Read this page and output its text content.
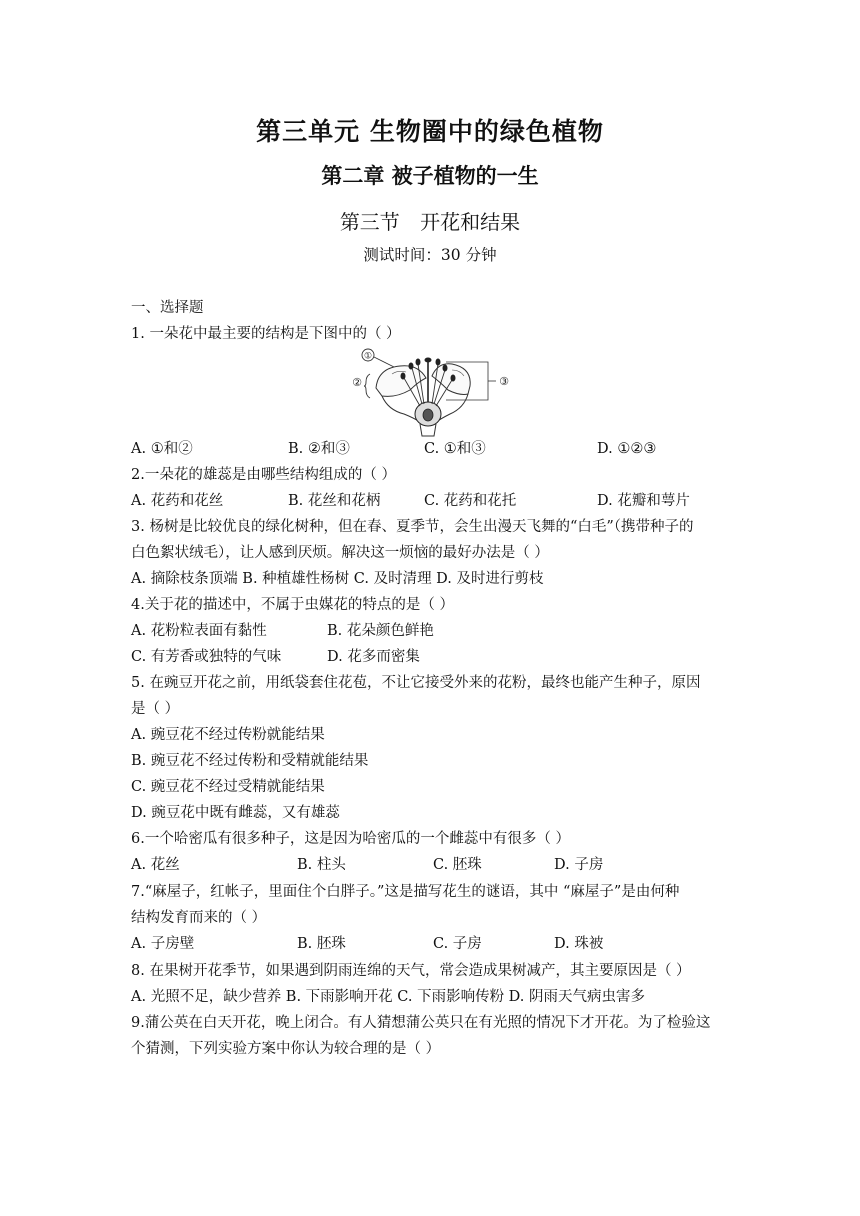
第三单元 生物圈中的绿色植物
第二章 被子植物的一生
第三节 开花和结果
测试时间：30 分钟
一、选择题
1. 一朵花中最主要的结构是下图中的（ ）
①
②	③
A. ①和②	B. ②和③	C. ①和③	D. ①②③
2.一朵花的雄蕊是由哪些结构组成的（ ）
A. 花药和花丝	B. 花丝和花柄	C. 花药和花托	D. 花瓣和萼片
3. 杨树是比较优良的绿化树种，但在春、夏季节，会生出漫天飞舞的“白毛”（携带种子的
白色絮状绒毛），让人感到厌烦。解决这一烦恼的最好办法是（ ）
A. 摘除枝条顶端 B. 种植雄性杨树 C. 及时清理 D. 及时进行剪枝
4.关于花的描述中，不属于虫媒花的特点的是（ ）
A. 花粉粒表面有黏性	B. 花朵颜色鲜艳
C. 有芳香或独特的气味	D. 花多而密集
5. 在豌豆开花之前，用纸袋套住花苞，不让它接受外来的花粉，最终也能产生种子，原因
是（ ）
A. 豌豆花不经过传粉就能结果
B. 豌豆花不经过传粉和受精就能结果
C. 豌豆花不经过受精就能结果
D. 豌豆花中既有雌蕊，又有雄蕊
6.一个哈密瓜有很多种子，这是因为哈密瓜的一个雌蕊中有很多（ ）
A. 花丝	B. 柱头	C. 胚珠	D. 子房
7.“麻屋子，红帐子，里面住个白胖子。”这是描写花生的谜语，其中 “麻屋子”是由何种
结构发育而来的（ ）
A. 子房壁	B. 胚珠	C. 子房	D. 珠被
8. 在果树开花季节，如果遇到阴雨连绵的天气，常会造成果树减产，其主要原因是（ ）
A. 光照不足，缺少营养 B. 下雨影响开花 C. 下雨影响传粉 D. 阴雨天气病虫害多
9.蒲公英在白天开花，晚上闭合。有人猜想蒲公英只在有光照的情况下才开花。为了检验这
个猜测，下列实验方案中你认为较合理的是（ ）
